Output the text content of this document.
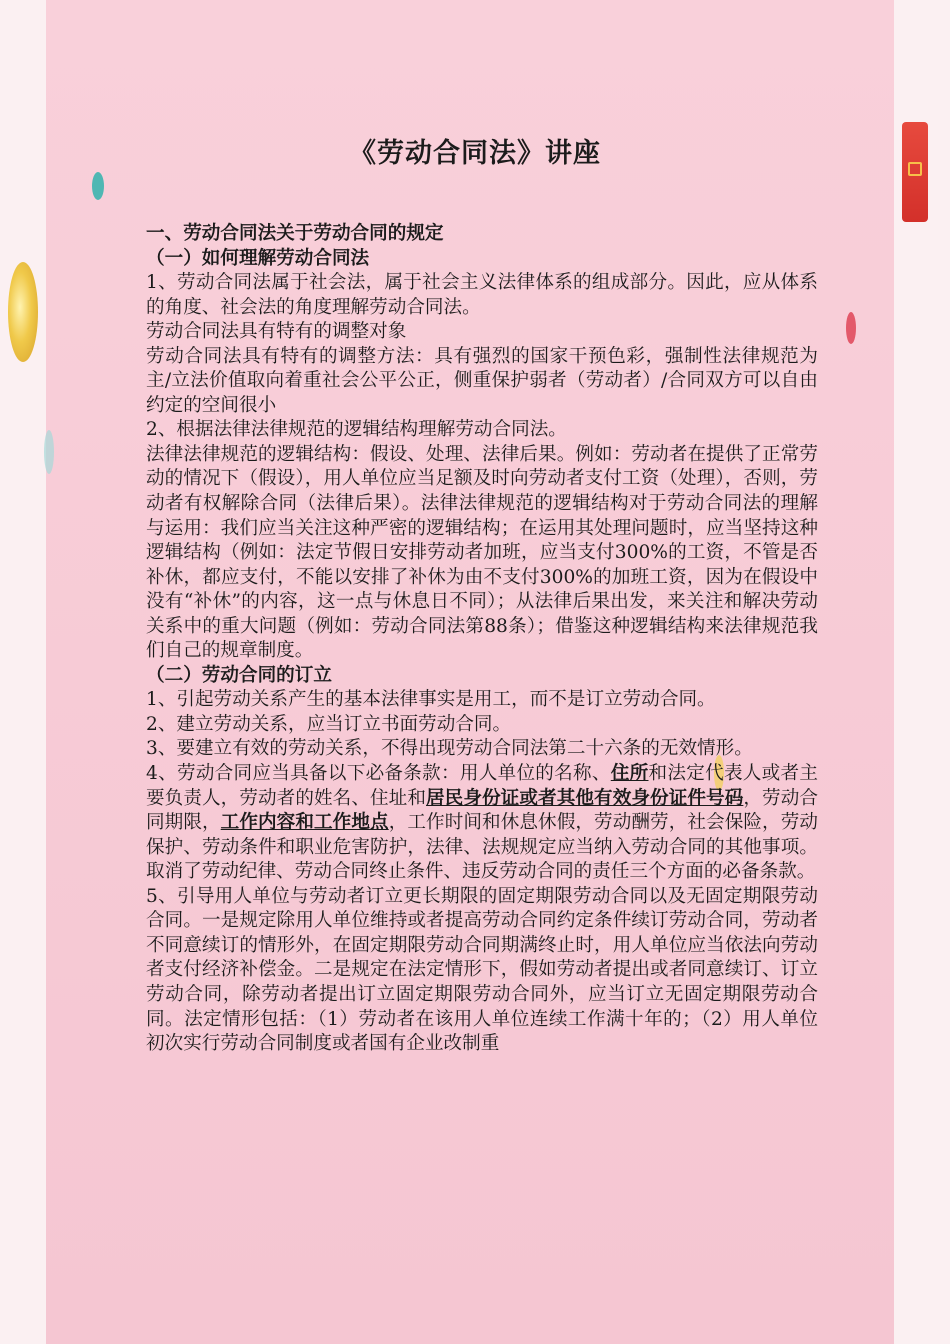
《劳动合同法》讲座

一、劳动合同法关于劳动合同的规定

（一）如何理解劳动合同法

1、劳动合同法属于社会法，属于社会主义法律体系的组成部分。因此，应从体系的角度、社会法的角度理解劳动合同法。

劳动合同法具有特有的调整对象

劳动合同法具有特有的调整方法：具有强烈的国家干预色彩，强制性法律规范为主/立法价值取向着重社会公平公正，侧重保护弱者（劳动者）/合同双方可以自由约定的空间很小

2、根据法律法律规范的逻辑结构理解劳动合同法。

法律法律规范的逻辑结构：假设、处理、法律后果。例如：劳动者在提供了正常劳动的情况下（假设），用人单位应当足额及时向劳动者支付工资（处理），否则，劳动者有权解除合同（法律后果）。法律法律规范的逻辑结构对于劳动合同法的理解与运用：我们应当关注这种严密的逻辑结构；在运用其处理问题时，应当坚持这种逻辑结构（例如：法定节假日安排劳动者加班，应当支付300%的工资，不管是否补休，都应支付，不能以安排了补休为由不支付300%的加班工资，因为在假设中没有“补休”的内容，这一点与休息日不同）；从法律后果出发，来关注和解决劳动关系中的重大问题（例如：劳动合同法第88条）；借鉴这种逻辑结构来法律规范我们自己的规章制度。

（二）劳动合同的订立

1、引起劳动关系产生的基本法律事实是用工，而不是订立劳动合同。

2、建立劳动关系，应当订立书面劳动合同。

3、要建立有效的劳动关系，不得出现劳动合同法第二十六条的无效情形。

4、劳动合同应当具备以下必备条款：用人单位的名称、住所和法定代表人或者主要负责人，劳动者的姓名、住址和居民身份证或者其他有效身份证件号码，劳动合同期限，工作内容和工作地点，工作时间和休息休假，劳动酬劳，社会保险，劳动保护、劳动条件和职业危害防护，法律、法规规定应当纳入劳动合同的其他事项。取消了劳动纪律、劳动合同终止条件、违反劳动合同的责任三个方面的必备条款。

5、引导用人单位与劳动者订立更长期限的固定期限劳动合同以及无固定期限劳动合同。一是规定除用人单位维持或者提高劳动合同约定条件续订劳动合同，劳动者不同意续订的情形外，在固定期限劳动合同期满终止时，用人单位应当依法向劳动者支付经济补偿金。二是规定在法定情形下，假如劳动者提出或者同意续订、订立劳动合同，除劳动者提出订立固定期限劳动合同外，应当订立无固定期限劳动合同。法定情形包括：（1）劳动者在该用人单位连续工作满十年的；（2）用人单位初次实行劳动合同制度或者国有企业改制重
